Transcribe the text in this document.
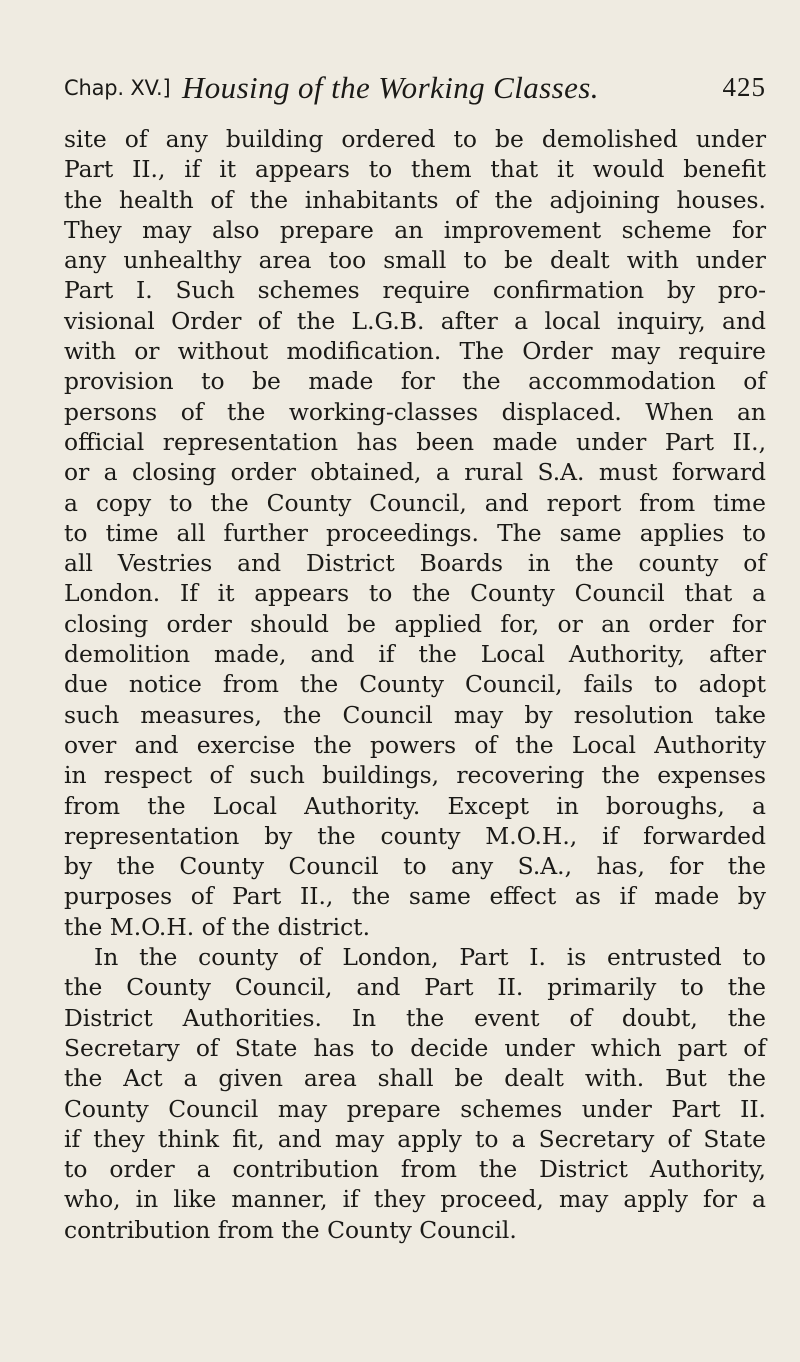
Chap. XV.] Housing of the Working Classes.	425
site of any building ordered to be demolished under
Part II., if it appears to them that it would benefit
the health of the inhabitants of the adjoining houses.
They may also prepare an improvement scheme for
any unhealthy area too small to be dealt with under
Part I. Such schemes require confirmation by pro-
visional Order of the L.G.B. after a local inquiry, and
with or without modification. The Order may require
provision to be made for the accommodation of
persons of the working-classes displaced. When an
official representation has been made under Part II.,
or a closing order obtained, a rural S.A. must forward
a copy to the County Council, and report from time
to time all further proceedings. The same applies to
all Vestries and District Boards in the county of
London. If it appears to the County Council that a
closing order should be applied for, or an order for
demolition made, and if the Local Authority, after
due notice from the County Council, fails to adopt
such measures, the Council may by resolution take
over and exercise the powers of the Local Authority
in respect of such buildings, recovering the expenses
from the Local Authority. Except in boroughs, a
representation by the county M.O.H., if forwarded
by the County Council to any S.A., has, for the
purposes of Part II., the same effect as if made by
the M.O.H. of the district.
In the county of London, Part I. is entrusted to
the County Council, and Part II. primarily to the
District Authorities. In the event of doubt, the
Secretary of State has to decide under which part of
the Act a given area shall be dealt with. But the
County Council may prepare schemes under Part II.
if they think fit, and may apply to a Secretary of State
to order a contribution from the District Authority,
who, in like manner, if they proceed, may apply for a
contribution from the County Council.
